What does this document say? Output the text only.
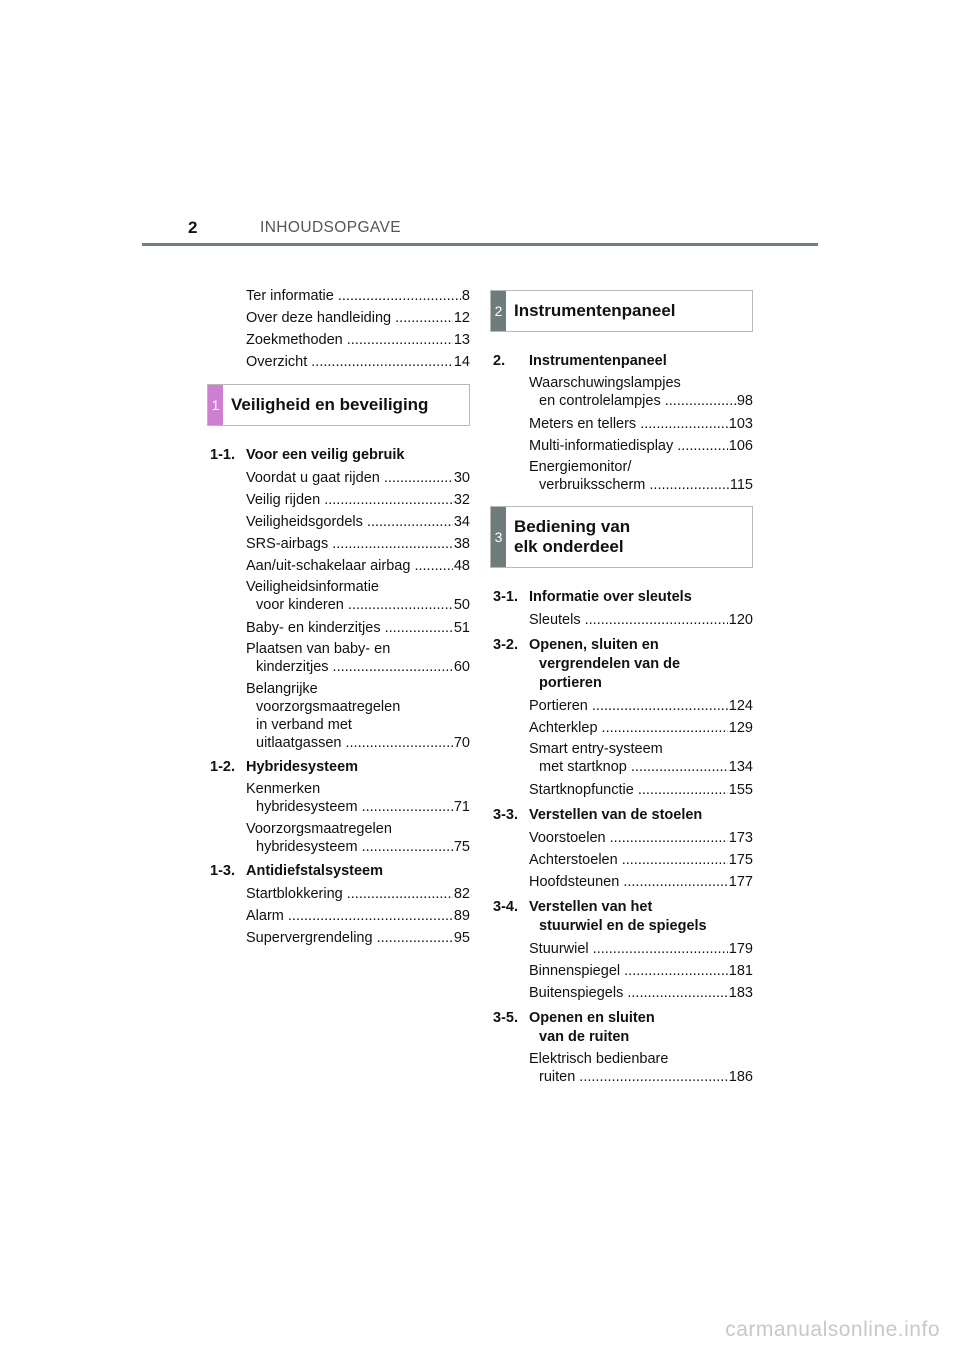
2	INHOUDSOPGAVE
Ter informatie .....	8
Over deze handleiding .....	12
Zoekmethoden .....	13
Overzicht .....	14
1 Veiligheid en beveiliging
1-1. Voor een veilig gebruik
Voordat u gaat rijden .....	30
Veilig rijden .....	32
Veiligheidsgordels .....	34
SRS-airbags .....	38
Aan/uit-schakelaar airbag .....	48
Veiligheidsinformatie
voor kinderen .....	50
Baby- en kinderzitjes .....	51
Plaatsen van baby- en
kinderzitjes .....	60
Belangrijke
voorzorgsmaatregelen
in verband met
uitlaatgassen .....	70
1-2. Hybridesysteem
Kenmerken
hybridesysteem .....	71
Voorzorgsmaatregelen
hybridesysteem .....	75
1-3. Antidiefstalsysteem
Startblokkering .....	82
Alarm .....	89
Supervergrendeling .....	95
2 Instrumentenpaneel
2.	Instrumentenpaneel
Waarschuwingslampjes
en controlelampjes .....	98
Meters en tellers .....	103
Multi-informatiedisplay .....	106
Energiemonitor/
verbruiksscherm .....	115
3
Bediening van
elk onderdeel
3-1. Informatie over sleutels
Sleutels .....	120
3-2. Openen, sluiten en
vergrendelen van de
portieren
Portieren .....	124
Achterklep .....	129
Smart entry-systeem
met startknop .....	134
Startknopfunctie .....	155
3-3. Verstellen van de stoelen
Voorstoelen .....	173
Achterstoelen .....	175
Hoofdsteunen .....	177
3-4. Verstellen van het
stuurwiel en de spiegels
Stuurwiel .....	179
Binnenspiegel .....	181
Buitenspiegels .....	183
3-5. Openen en sluiten
van de ruiten
Elektrisch bedienbare
ruiten .....	186
carmanualsonline.info
